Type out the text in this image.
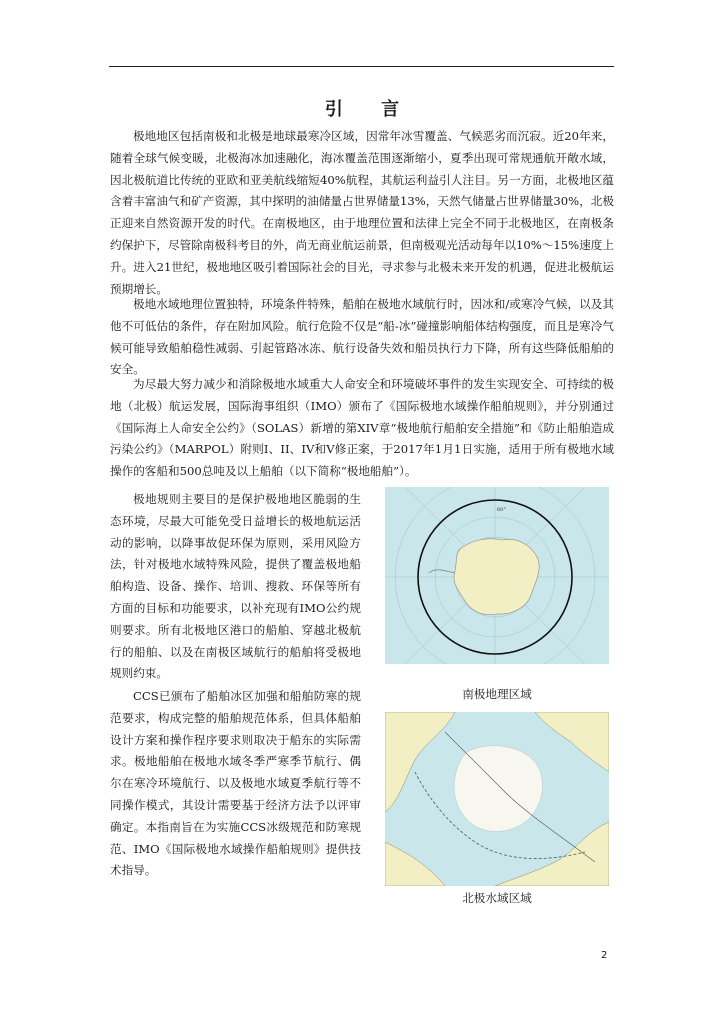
引 言

极地地区包括南极和北极是地球最寒冷区域，因常年冰雪覆盖、气候恶劣而沉寂。近20年来，随着全球气候变暖，北极海冰加速融化，海冰覆盖范围逐渐缩小，夏季出现可常规通航开敞水域，因北极航道比传统的亚欧和亚美航线缩短40%航程，其航运利益引人注目。另一方面，北极地区蕴含着丰富油气和矿产资源，其中探明的油储量占世界储量13%，天然气储量占世界储量30%，北极正迎来自然资源开发的时代。在南极地区，由于地理位置和法律上完全不同于北极地区，在南极条约保护下，尽管除南极科考目的外，尚无商业航运前景，但南极观光活动每年以10%～15%速度上升。进入21世纪，极地地区吸引着国际社会的目光，寻求参与北极未来开发的机遇，促进北极航运预期增长。

极地水域地理位置独特，环境条件特殊，船舶在极地水域航行时，因冰和/或寒冷气候，以及其他不可低估的条件，存在附加风险。航行危险不仅是“船-冰”碰撞影响船体结构强度，而且是寒冷气候可能导致船舶稳性减弱、引起管路冰冻、航行设备失效和船员执行力下降，所有这些降低船舶的安全。

为尽最大努力减少和消除极地水域重大人命安全和环境破坏事件的发生实现安全、可持续的极地（北极）航运发展，国际海事组织（IMO）颁布了《国际极地水域操作船舶规则》，并分别通过《国际海上人命安全公约》（SOLAS）新增的第XIV章“极地航行船舶安全措施”和《防止船舶造成污染公约》（MARPOL）附则I、II、IV和V修正案，于2017年1月1日实施，适用于所有极地水域操作的客船和500总吨及以上船舶（以下简称“极地船舶”）。

极地规则主要目的是保护极地地区脆弱的生态环境，尽最大可能免受日益增长的极地航运活动的影响，以降事故促环保为原则，采用风险方法，针对极地水域特殊风险，提供了覆盖极地船舶构造、设备、操作、培训、搜救、环保等所有方面的目标和功能要求，以补充现有IMO公约规则要求。所有北极地区港口的船舶、穿越北极航行的船舶、以及在南极区域航行的船舶将受极地规则约束。

CCS已颁布了船舶冰区加强和船舶防寒的规范要求，构成完整的船舶规范体系，但具体船舶设计方案和操作程序要求则取决于船东的实际需求。极地船舶在极地水域冬季严寒季节航行、偶尔在寒冷环境航行、以及极地水域夏季航行等不同操作模式，其设计需要基于经济方法予以评审确定。本指南旨在为实施CCS冰级规范和防寒规范、IMO《国际极地水域操作船舶规则》提供技术指导。

60°
南极地理区域
北极水域区域
2
